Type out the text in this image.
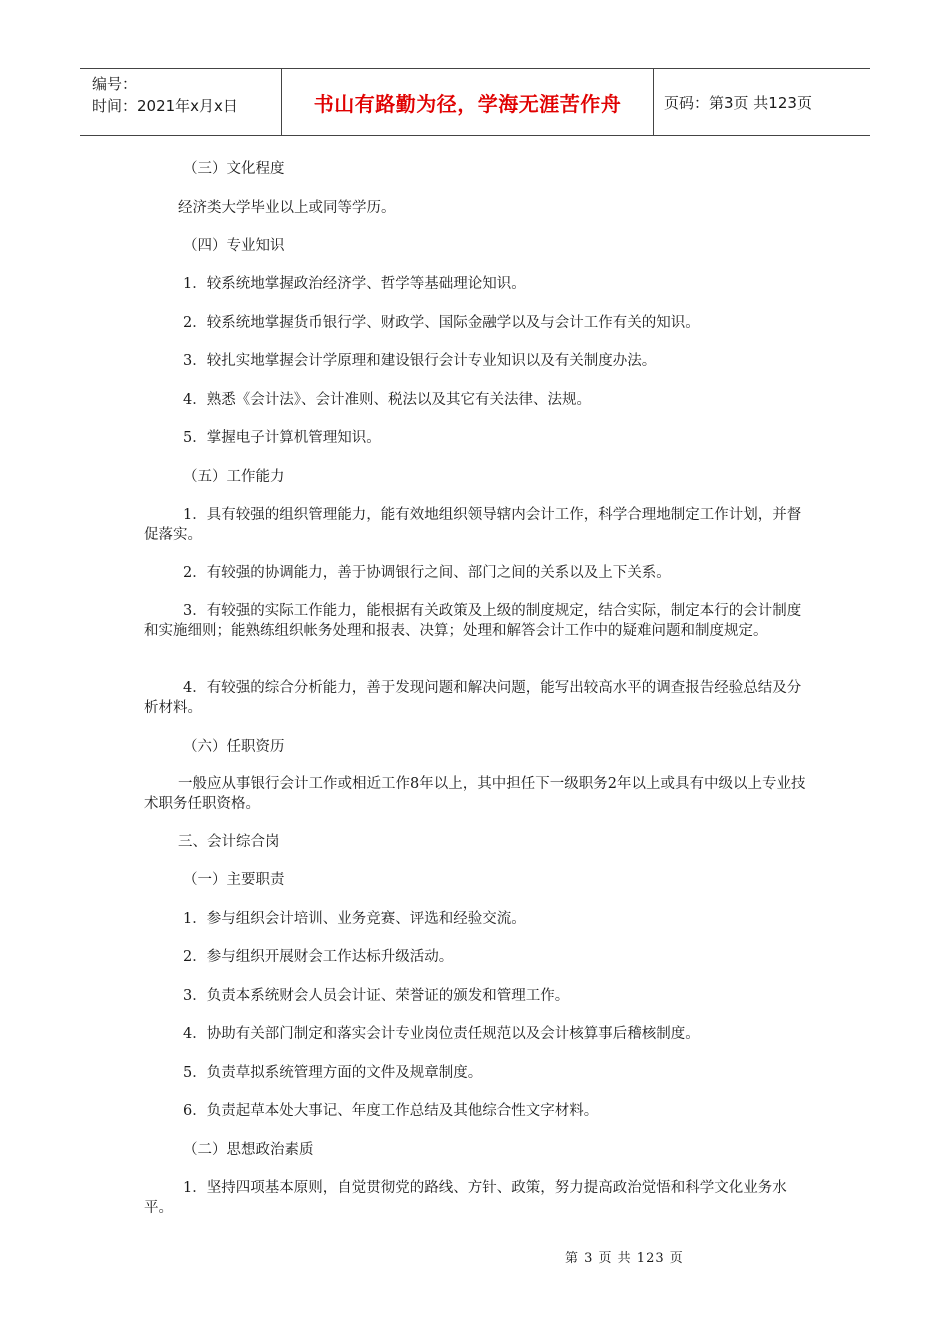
编号：
时间：2021年x月x日	书山有路勤为径，学海无涯苦作舟	页码：第3页 共123页
（三）文化程度
经济类大学毕业以上或同等学历。
（四）专业知识
1．较系统地掌握政治经济学、哲学等基础理论知识。
2．较系统地掌握货币银行学、财政学、国际金融学以及与会计工作有关的知识。
3．较扎实地掌握会计学原理和建设银行会计专业知识以及有关制度办法。
4．熟悉《会计法》、会计准则、税法以及其它有关法律、法规。
5．掌握电子计算机管理知识。
（五）工作能力
1．具有较强的组织管理能力，能有效地组织领导辖内会计工作，科学合理地制定工作计划，并督促落实。
2．有较强的协调能力，善于协调银行之间、部门之间的关系以及上下关系。
3．有较强的实际工作能力，能根据有关政策及上级的制度规定，结合实际，制定本行的会计制度和实施细则；能熟练组织帐务处理和报表、决算；处理和解答会计工作中的疑难问题和制度规定。
4．有较强的综合分析能力，善于发现问题和解决问题，能写出较高水平的调查报告经验总结及分析材料。
（六）任职资历
一般应从事银行会计工作或相近工作8年以上，其中担任下一级职务2年以上或具有中级以上专业技术职务任职资格。
三、会计综合岗
（一）主要职责
1．参与组织会计培训、业务竞赛、评选和经验交流。
2．参与组织开展财会工作达标升级活动。
3．负责本系统财会人员会计证、荣誉证的颁发和管理工作。
4．协助有关部门制定和落实会计专业岗位责任规范以及会计核算事后稽核制度。
5．负责草拟系统管理方面的文件及规章制度。
6．负责起草本处大事记、年度工作总结及其他综合性文字材料。
（二）思想政治素质
1．坚持四项基本原则，自觉贯彻党的路线、方针、政策，努力提高政治觉悟和科学文化业务水平。
第 3 页 共 123 页
